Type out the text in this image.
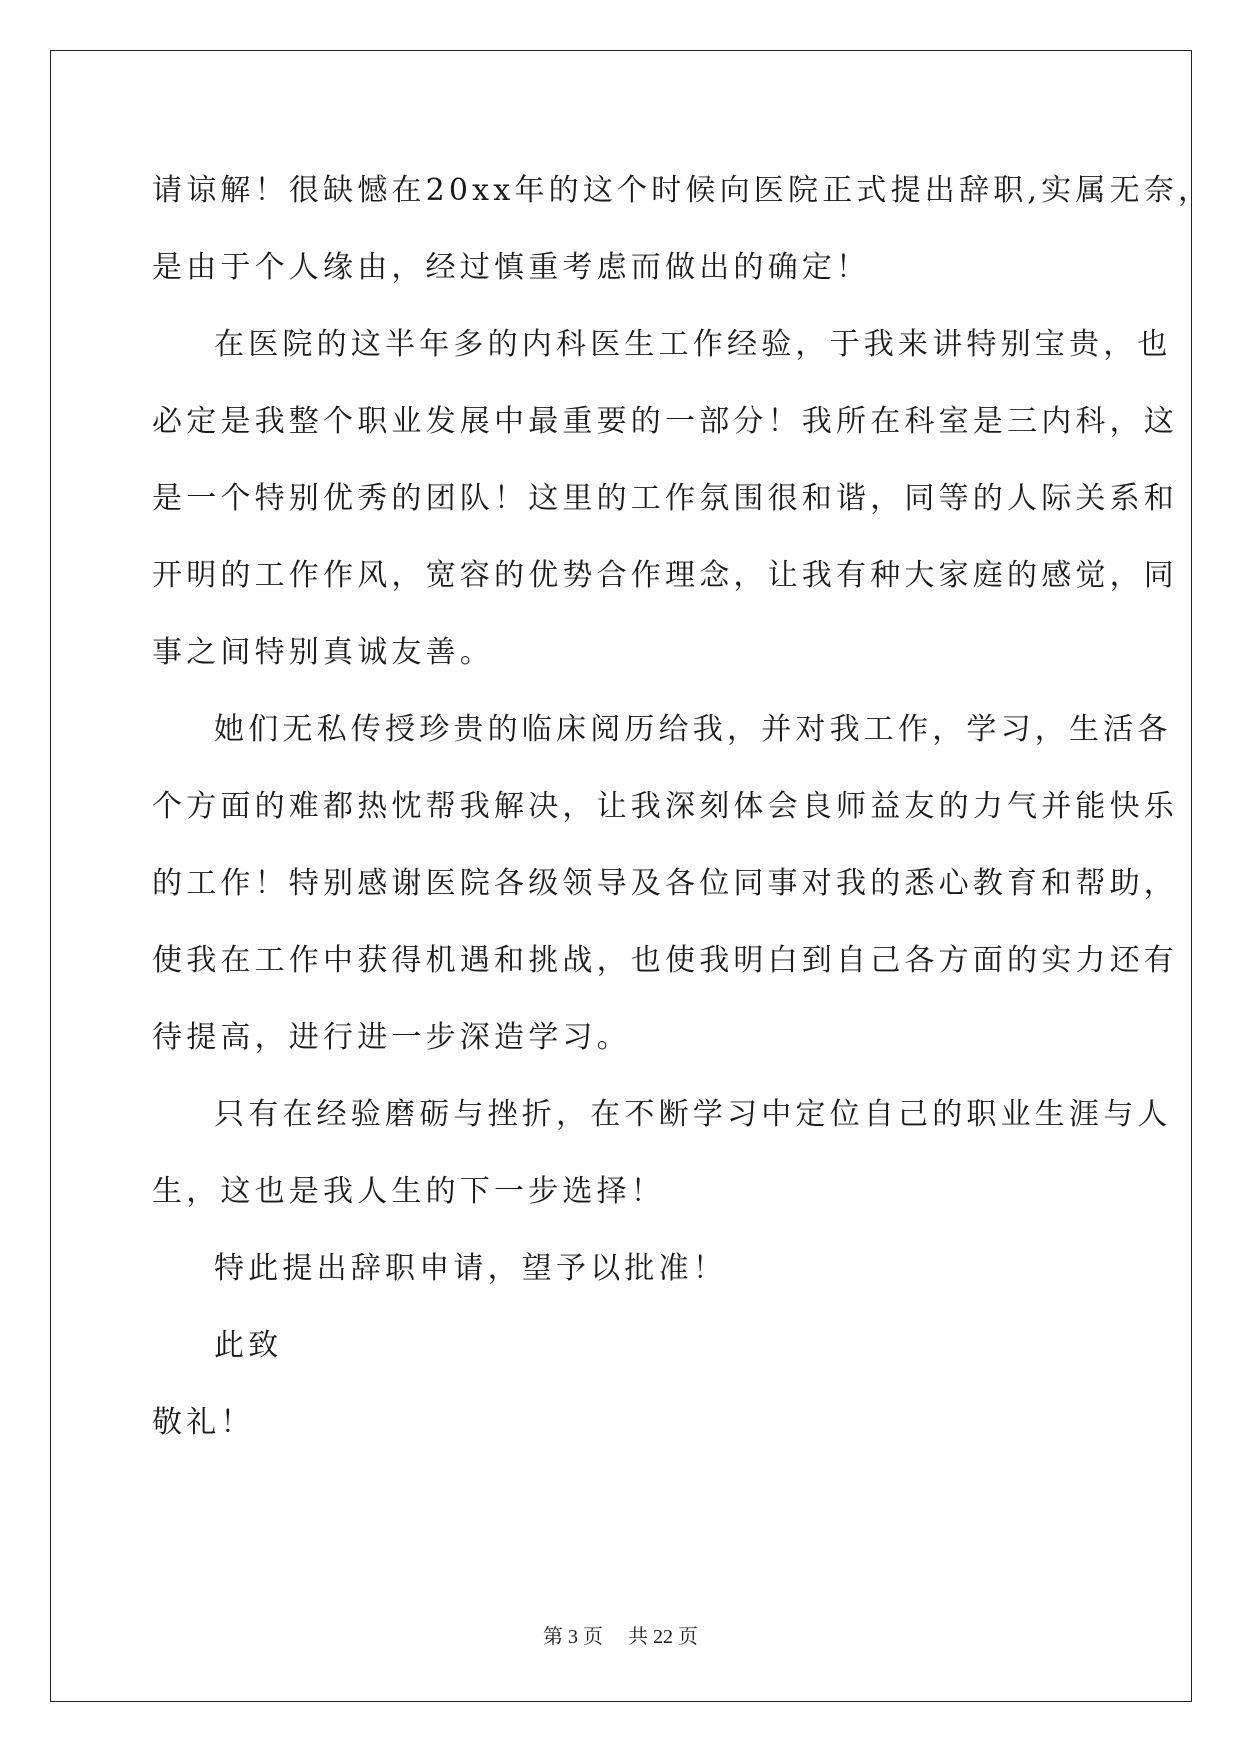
请谅解！很缺憾在20xx年的这个时候向医院正式提出辞职,实属无奈，
是由于个人缘由，经过慎重考虑而做出的确定！
在医院的这半年多的内科医生工作经验，于我来讲特别宝贵，也
必定是我整个职业发展中最重要的一部分！我所在科室是三内科，这
是一个特别优秀的团队！这里的工作氛围很和谐，同等的人际关系和
开明的工作作风，宽容的优势合作理念，让我有种大家庭的感觉，同
事之间特别真诚友善。
她们无私传授珍贵的临床阅历给我，并对我工作，学习，生活各
个方面的难都热忱帮我解决，让我深刻体会良师益友的力气并能快乐
的工作！特别感谢医院各级领导及各位同事对我的悉心教育和帮助，
使我在工作中获得机遇和挑战，也使我明白到自己各方面的实力还有
待提高，进行进一步深造学习。
只有在经验磨砺与挫折，在不断学习中定位自己的职业生涯与人
生，这也是我人生的下一步选择！
特此提出辞职申请，望予以批准！
此致
敬礼！
第 3 页　 共 22 页
